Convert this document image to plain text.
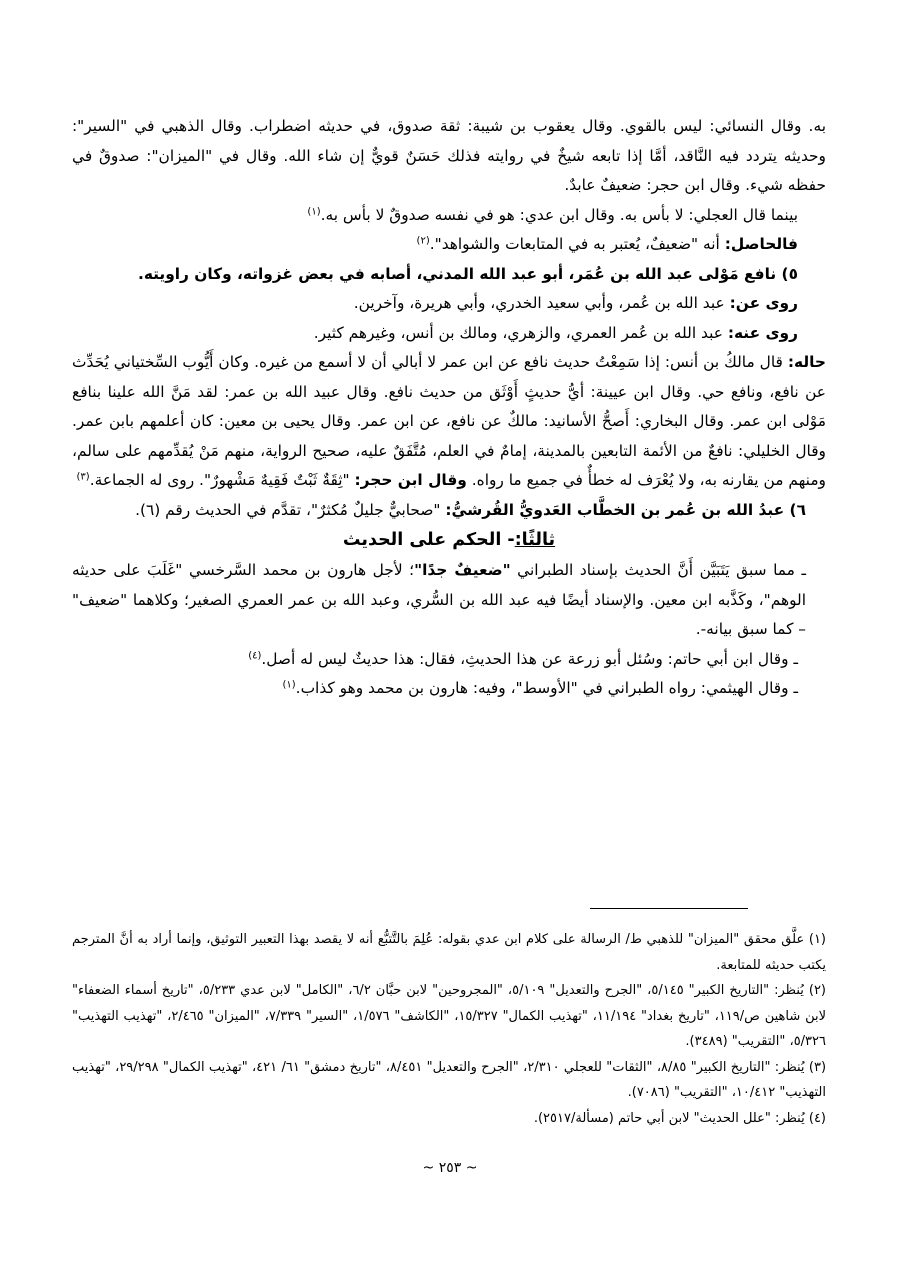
به. وقال النسائي: ليس بالقوي. وقال يعقوب بن شيبة: ثقة صدوق، في حديثه اضطراب. وقال الذهبي في "السير": وحديثه يتردد فيه النَّاقد، أمَّا إذا تابعه شيخٌ في روايته فذلك حَسَنٌ قويٌّ إن شاء الله. وقال في "الميزان": صدوقٌ في حفظه شيء. وقال ابن حجر: ضعيفٌ عابدٌ.

بينما قال العجلي: لا بأس به. وقال ابن عدي: هو في نفسه صدوقٌ لا بأس به.$^{(١)}$

فالحاصل: أنه "ضعيفٌ، يُعتبر به في المتابعات والشواهد".$^{(٢)}$

٥) نافع مَوْلى عبد الله بن عُمَر، أبو عبد الله المدني، أصابه في بعض غزواته، وكان راويته.

روى عن: عبد الله بن عُمر، وأبي سعيد الخدري، وأبي هريرة، وآخرين.

روى عنه: عبد الله بن عُمر العمري، والزهري، ومالك بن أنس، وغيرهم كثير.

حاله: قال مالكُ بن أنس: إذا سَمِعْتُ حديث نافع عن ابن عمر لا أبالي أن لا أسمع من غيره. وكان أَيُّوب السِّختياني يُحَدِّث عن نافع، ونافع حي. وقال ابن عيينة: أيُّ حديثٍ أَوْثَق من حديث نافع. وقال عبيد الله بن عمر: لقد مَنَّ الله علينا بنافع مَوْلى ابن عمر. وقال البخاري: أَصحُّ الأسانيد: مالكٌ عن نافع، عن ابن عمر. وقال يحيى بن معين: كان أعلمهم بابن عمر. وقال الخليلي: نافعٌ من الأئمة التابعين بالمدينة، إمامٌ في العلم، مُتَّفَقٌ عليه، صحيح الرواية، منهم مَنْ يُقدِّمهم على سالم، ومنهم من يقارنه به، ولا يُعْرَف له خطأٌ في جميع ما رواه. وقال ابن حجر: "ثِقَةٌ ثَبْتٌ فَقِيهٌ مَشْهورٌ". روى له الجماعة.$^{(٣)}$

٦) عبدُ الله بن عُمر بن الخطَّاب العَدويُّ القُرشيُّ: "صحابيٌّ جليلٌ مُكثرٌ"، تقدَّم في الحديث رقم (٦).

ثالثًا:- الحكم على الحديث

ـ مما سبق يَتَبَيَّن أَنَّ الحديث بإسناد الطبراني "ضعيفٌ جدًا"؛ لأجل هارون بن محمد السَّرخسي "غَلَبَ على حديثه الوهم"، وكَذَّبه ابن معين. والإسناد أيضًا فيه عبد الله بن السُّري، وعبد الله بن عمر العمري الصغير؛ وكلاهما "ضعيف" – كما سبق بيانه-.

ـ وقال ابن أبي حاتم: وسُئل أبو زرعة عن هذا الحديثِ، فقال: هذا حديثٌ ليس له أصل.$^{(٤)}$

ـ وقال الهيثمي: رواه الطبراني في "الأوسط"، وفيه: هارون بن محمد وهو كذاب.$^{(١)}$

(١) علَّق محقق "الميزان" للذهبي ط/ الرسالة على كلام ابن عدي بقوله: عُلِمَ بالتَّتبُّع أنه لا يقصد بهذا التعبير التوثيق، وإنما أراد به أنَّ المترجم يكتب حديثه للمتابعة.

(٢) يُنظر: "التاريخ الكبير" ٥/١٤٥، "الجرح والتعديل" ٥/١٠٩، "المجروحين" لابن حبَّان ٦/٢، "الكامل" لابن عدي ٥/٢٣٣، "تاريخ أسماء الضعفاء" لابن شاهين ص/١١٩، "تاريخ بغداد" ١١/١٩٤، "تهذيب الكمال" ١٥/٣٢٧، "الكاشف" ١/٥٧٦، "السير" ٧/٣٣٩، "الميزان" ٢/٤٦٥، "تهذيب التهذيب" ٥/٣٢٦، "التقريب" (٣٤٨٩).

(٣) يُنظر: "التاريخ الكبير" ٨/٨٥، "الثقات" للعجلي ٢/٣١٠، "الجرح والتعديل" ٨/٤٥١، "تاريخ دمشق" ٦١/ ٤٢١، "تهذيب الكمال" ٢٩/٢٩٨، "تهذيب التهذيب" ١٠/٤١٢، "التقريب" (٧٠٨٦).

(٤) يُنظر: "علل الحديث" لابن أبي حاتم (مسألة/٢٥١٧).

~ ٢٥٣ ~
